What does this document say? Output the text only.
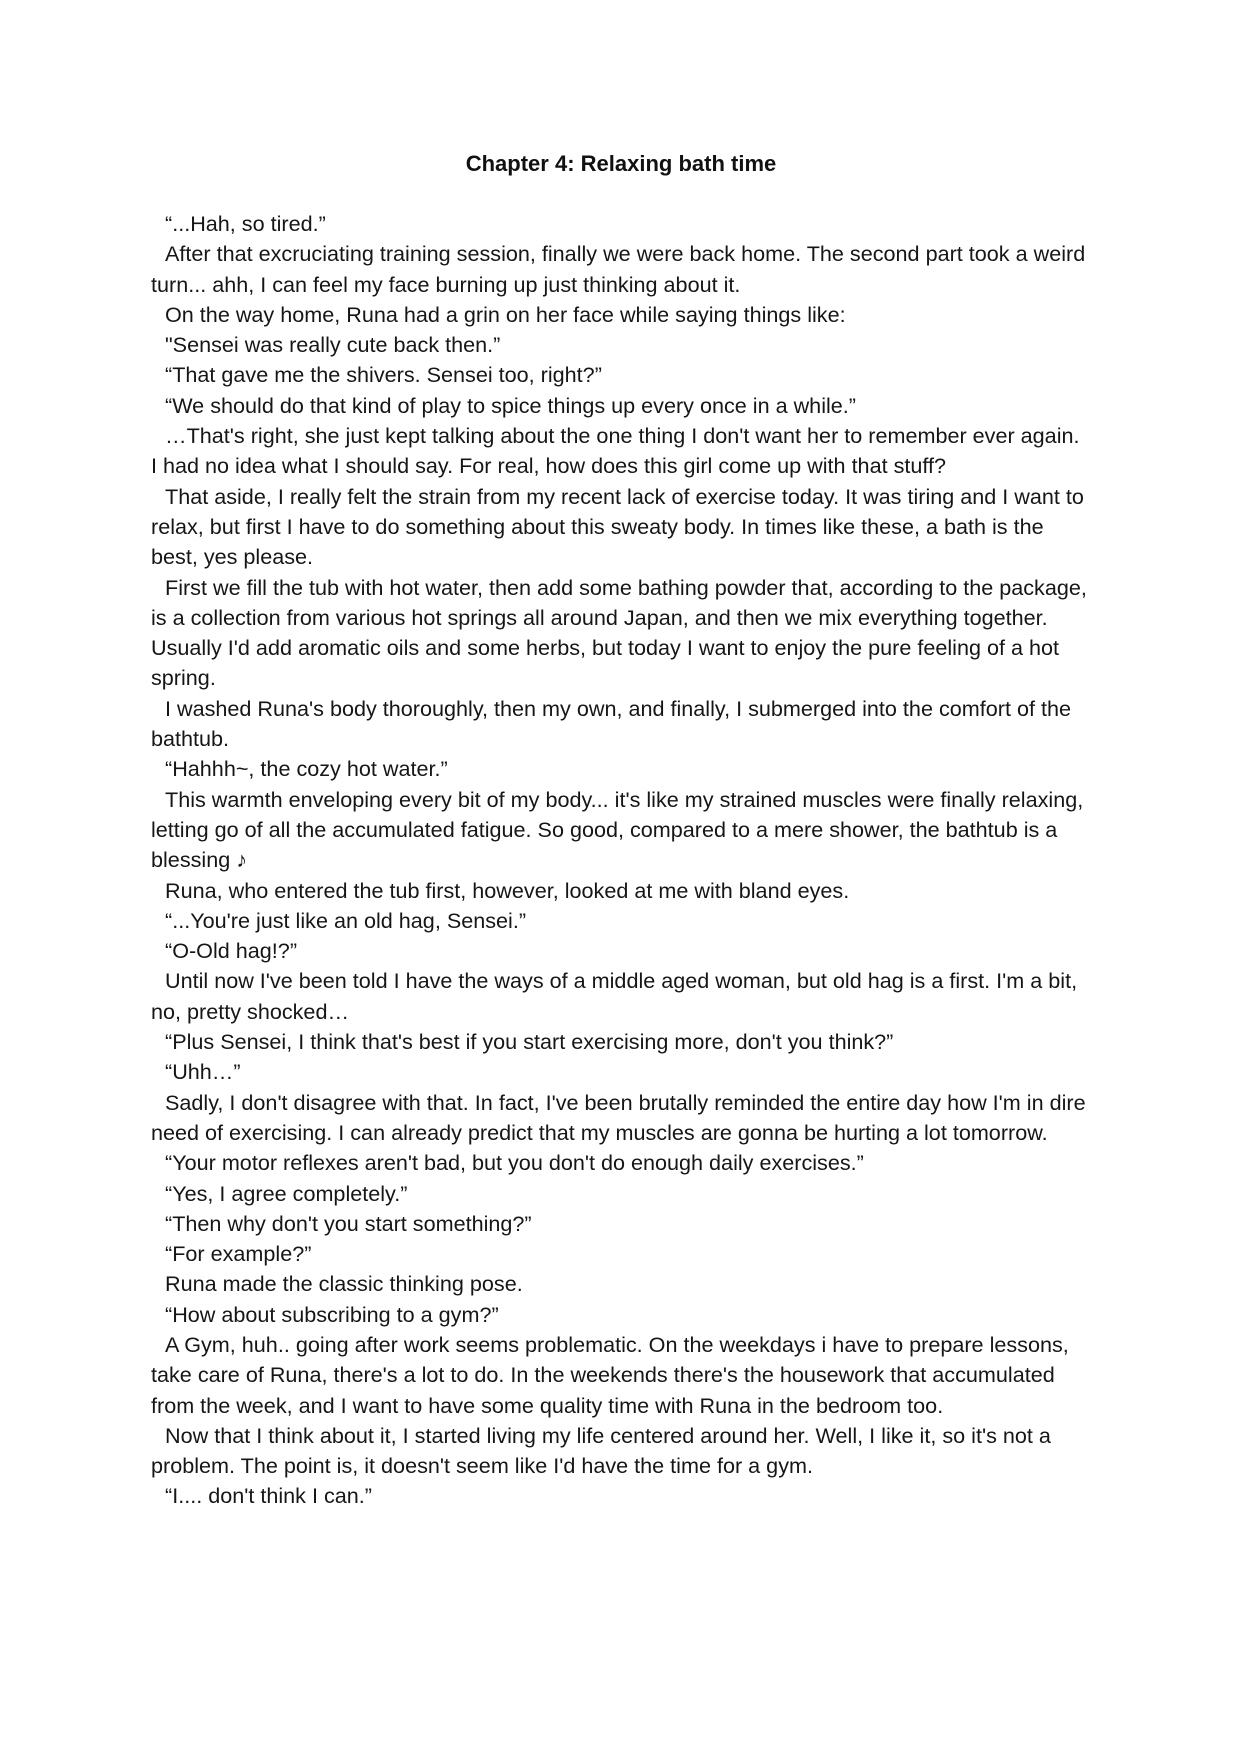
Chapter 4: Relaxing bath time

“...Hah, so tired.”

After that excruciating training session, finally we were back home. The second part took a weird turn... ahh, I can feel my face burning up just thinking about it.

On the way home, Runa had a grin on her face while saying things like:

"Sensei was really cute back then.”

“That gave me the shivers. Sensei too, right?”

“We should do that kind of play to spice things up every once in a while.”

…That's right, she just kept talking about the one thing I don't want her to remember ever again. I had no idea what I should say. For real, how does this girl come up with that stuff?

That aside, I really felt the strain from my recent lack of exercise today. It was tiring and I want to relax, but first I have to do something about this sweaty body. In times like these, a bath is the best, yes please.

First we fill the tub with hot water, then add some bathing powder that, according to the package, is a collection from various hot springs all around Japan, and then we mix everything together. Usually I'd add aromatic oils and some herbs, but today I want to enjoy the pure feeling of a hot spring.

I washed Runa's body thoroughly, then my own, and finally, I submerged into the comfort of the bathtub.

“Hahhh~, the cozy hot water.”

This warmth enveloping every bit of my body... it's like my strained muscles were finally relaxing, letting go of all the accumulated fatigue. So good, compared to a mere shower, the bathtub is a blessing ♪

Runa, who entered the tub first, however, looked at me with bland eyes.

“...You're just like an old hag, Sensei.”

“O-Old hag!?”

Until now I've been told I have the ways of a middle aged woman, but old hag is a first. I'm a bit, no, pretty shocked…

“Plus Sensei, I think that's best if you start exercising more, don't you think?”

“Uhh…”

Sadly, I don't disagree with that. In fact, I've been brutally reminded the entire day how I'm in dire need of exercising. I can already predict that my muscles are gonna be hurting a lot tomorrow.

“Your motor reflexes aren't bad, but you don't do enough daily exercises.”

“Yes, I agree completely.”

“Then why don't you start something?”

“For example?”

Runa made the classic thinking pose.

“How about subscribing to a gym?”

A Gym, huh.. going after work seems problematic. On the weekdays i have to prepare lessons, take care of Runa, there's a lot to do. In the weekends there's the housework that accumulated from the week, and I want to have some quality time with Runa in the bedroom too.

Now that I think about it, I started living my life centered around her. Well, I like it, so it's not a problem. The point is, it doesn't seem like I'd have the time for a gym.

“I.... don't think I can.”
